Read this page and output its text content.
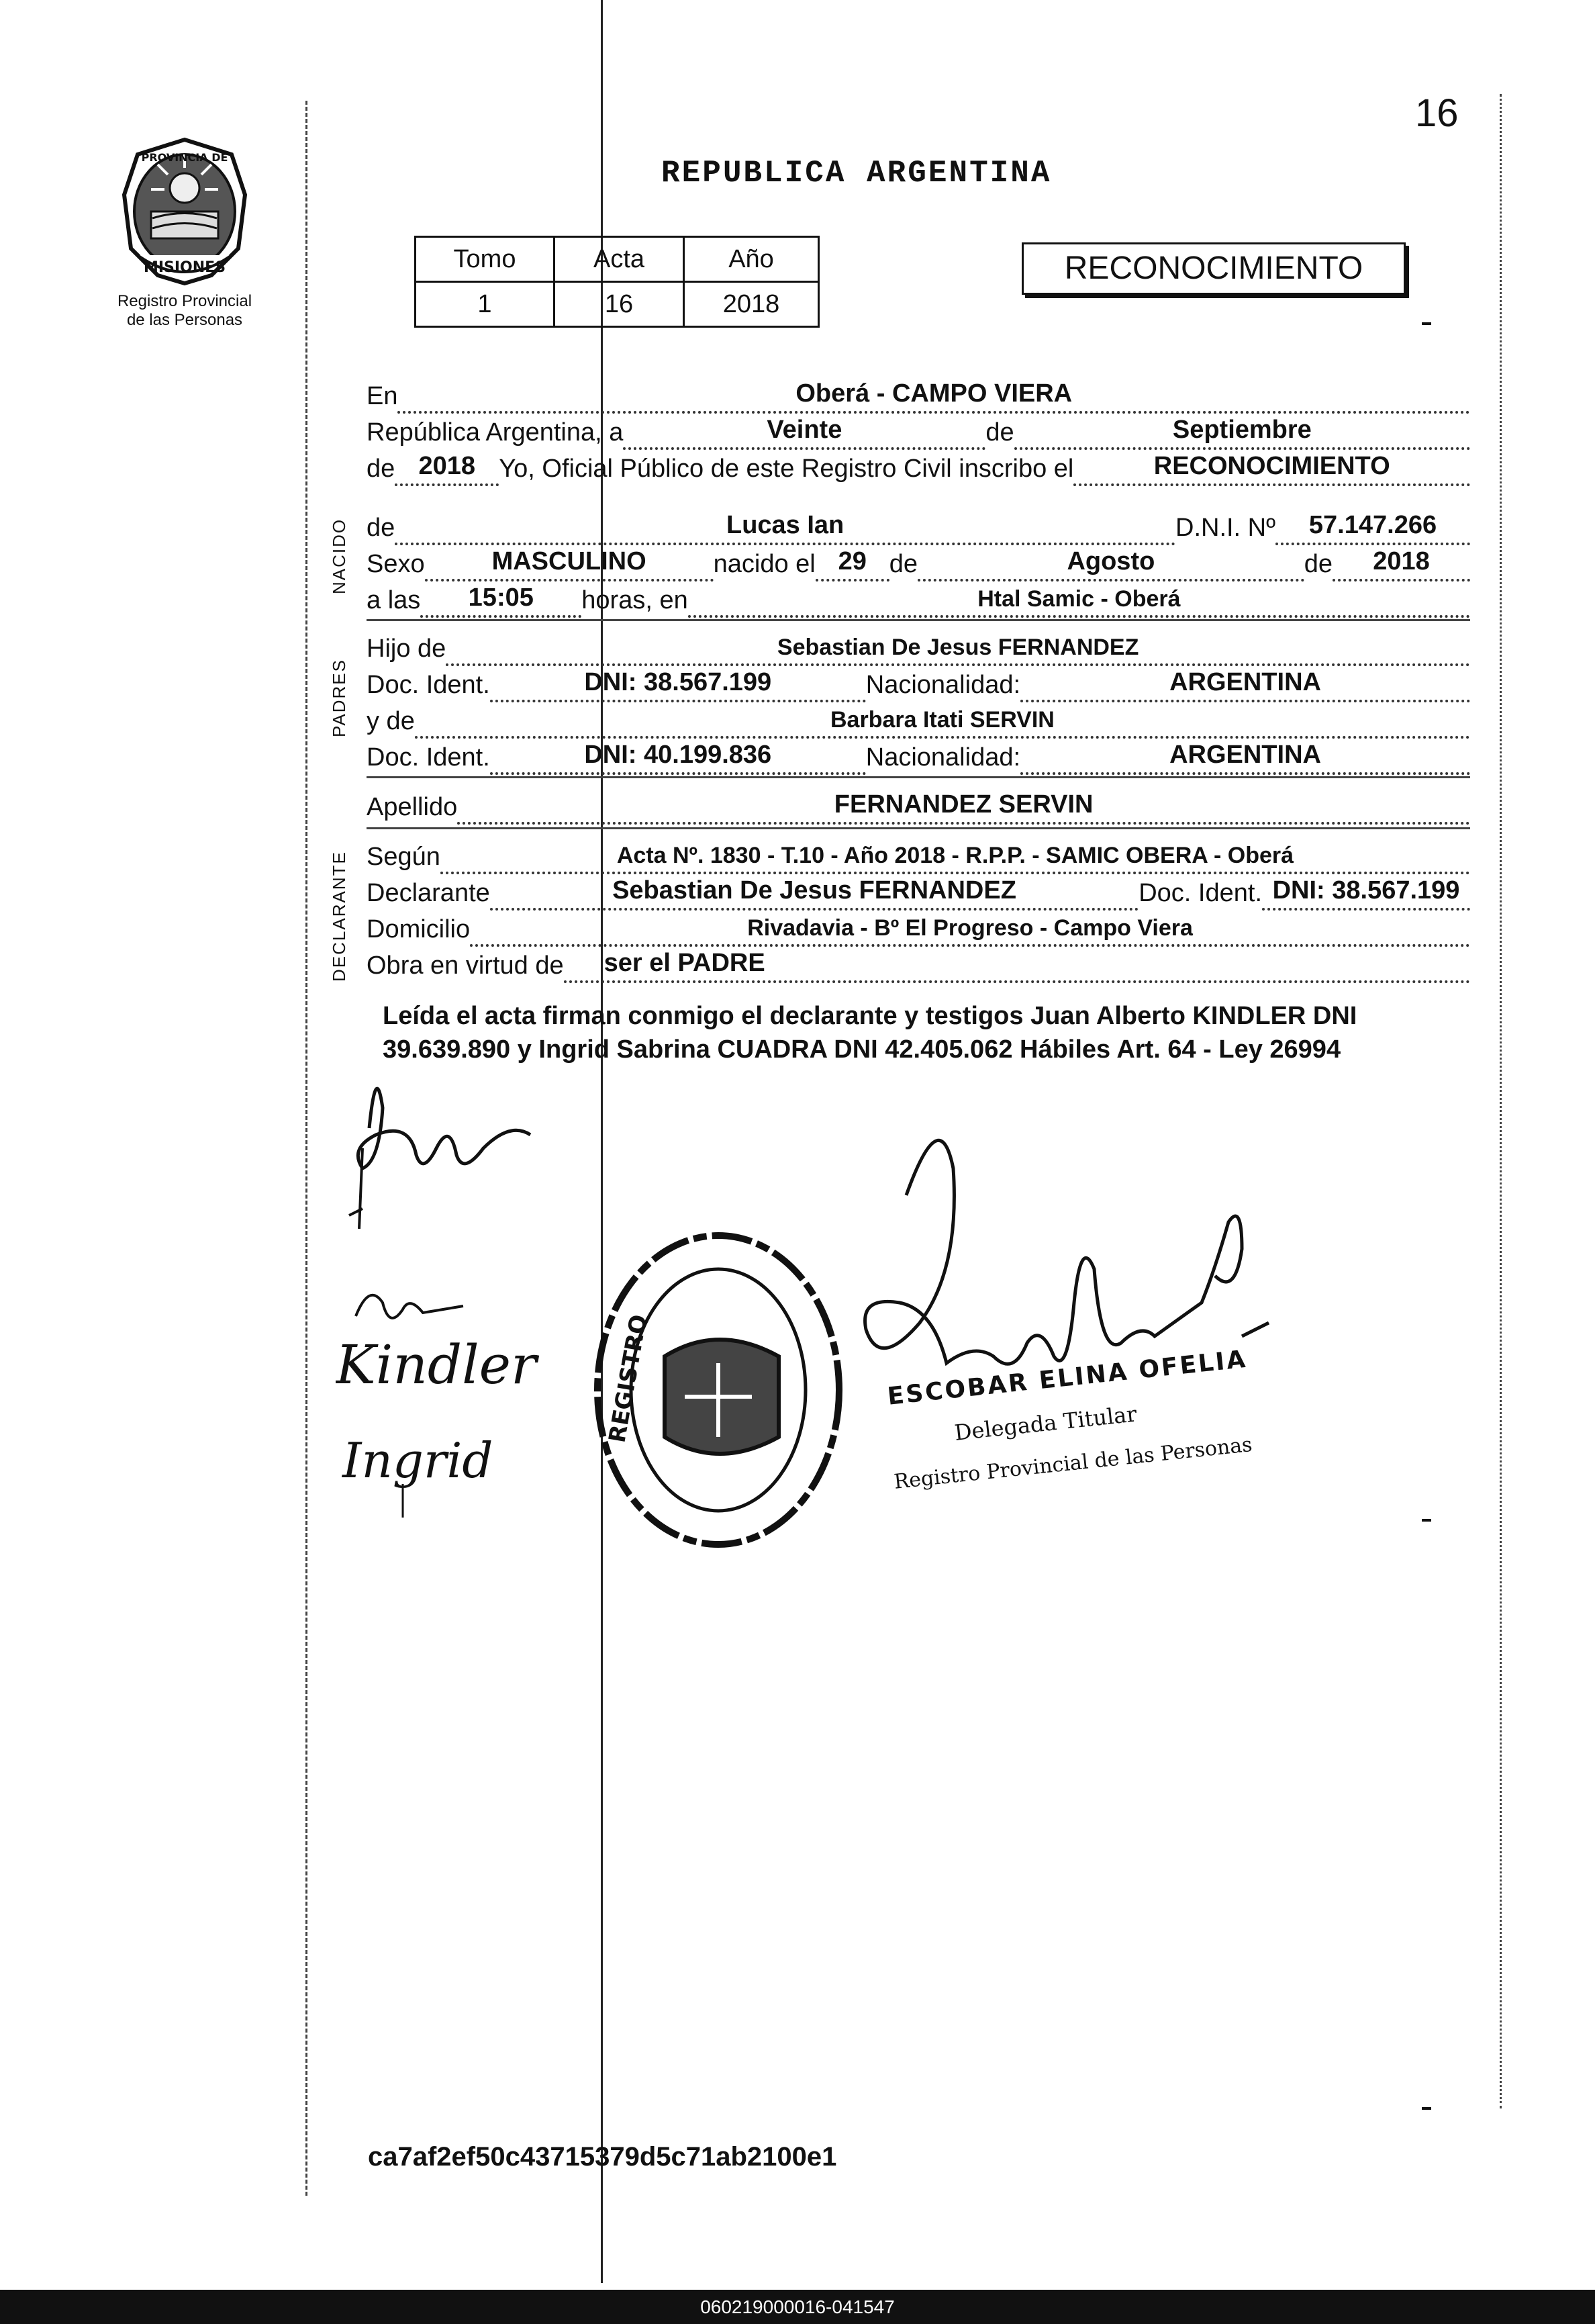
16
REPUBLICA ARGENTINA
MISIONES
PROVINCIA DE
Registro Provincial
de las Personas
Tomo	Acta	Año
1	16	2018
RECONOCIMIENTO
En	Oberá - CAMPO VIERA
República Argentina, a	Veinte	de	Septiembre
de 2018 Yo, Oficial Público de este Registro Civil inscribo el	RECONOCIMIENTO
NACIDO de	Lucas Ian	D.N.I. Nº	57.147.266
Sexo	MASCULINO	nacido el 29 de	Agosto	de	2018
a las	15:05	horas, en	Htal Samic - Oberá
PADRES
Hijo de	Sebastian De Jesus FERNANDEZ
Doc. Ident.	DNI: 38.567.199	Nacionalidad:	ARGENTINA
y de	Barbara Itati SERVIN
Doc. Ident.	DNI: 40.199.836	Nacionalidad:	ARGENTINA
Apellido	FERNANDEZ SERVIN
DECLARANTE Según	Acta Nº. 1830 - T.10 - Año 2018 - R.P.P. - SAMIC OBERA - Oberá
Declarante	Sebastian De Jesus FERNANDEZ	Doc. Ident. DNI: 38.567.199
Domicilio	Rivadavia - Bº El Progreso - Campo Viera
Obra en virtud de ser el PADRE
Leída el acta firman conmigo el declarante y testigos Juan Alberto KINDLER DNI 39.639.890 y Ingrid Sabrina CUADRA DNI 42.405.062 Hábiles Art. 64 - Ley 26994
Kindler
Ingrid
REGISTRO	ESCOBAR ELINA OFELIA
Delegada Titular
Registro Provincial de las Personas
ca7af2ef50c43715379d5c71ab2100e1
060219000016-041547
